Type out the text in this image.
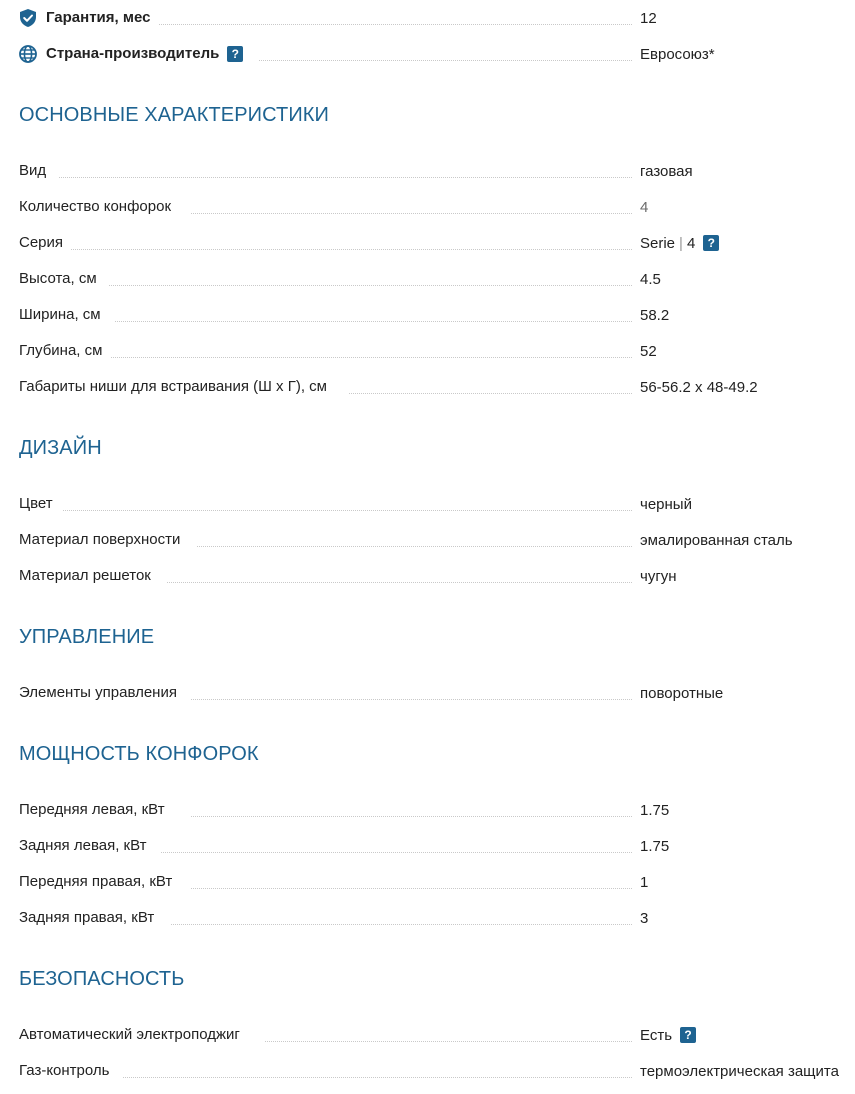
Гарантия, мес	12
Страна-производитель	?	Евросоюз*
ОСНОВНЫЕ ХАРАКТЕРИСТИКИ
Вид	газовая
Количество конфорок	4
Серия	Serie | 4	?
Высота, см	4.5
Ширина, см	58.2
Глубина, см	52
Габариты ниши для встраивания (Ш x Г), см	56-56.2 x 48-49.2
ДИЗАЙН
Цвет	черный
Материал поверхности	эмалированная сталь
Материал решеток	чугун
УПРАВЛЕНИЕ
Элементы управления	поворотные
МОЩНОСТЬ КОНФОРОК
Передняя левая, кВт	1.75
Задняя левая, кВт	1.75
Передняя правая, кВт	1
Задняя правая, кВт	3
БЕЗОПАСНОСТЬ
Автоматический электроподжиг	Есть	?
Газ-контроль	термоэлектрическая защита
